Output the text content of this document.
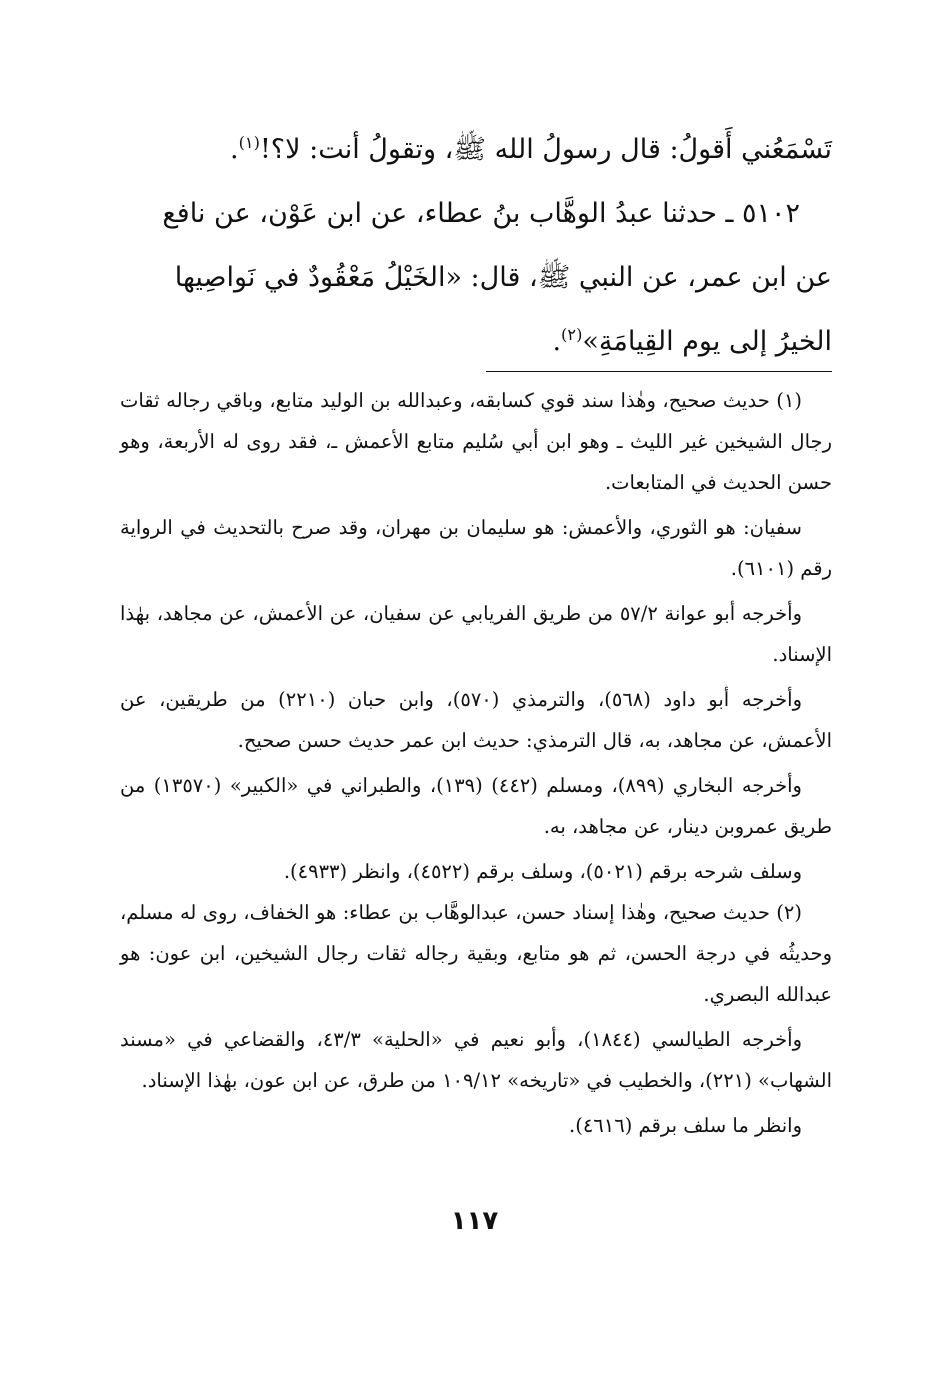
تَسْمَعُني أَقولُ: قال رسولُ الله ﷺ، وتقولُ أنت: لا؟!$^{(١)}$.

٥١٠٢ ـ حدثنا عبدُ الوهَّاب بنُ عطاء، عن ابن عَوْن، عن نافع عن ابن عمر، عن النبي ﷺ، قال: «الخَيْلُ مَعْقُودٌ في نَواصِيها الخيرُ إلى يوم القِيامَةِ»$^{(٢)}$.

(١) حديث صحيح، وهٰذا سند قوي كسابقه، وعبدالله بن الوليد متابع، وباقي رجاله ثقات رجال الشيخين غير الليث ـ وهو ابن أبي سُليم متابع الأعمش ـ، فقد روى له الأربعة، وهو حسن الحديث في المتابعات.

سفيان: هو الثوري، والأعمش: هو سليمان بن مهران، وقد صرح بالتحديث في الرواية رقم (٦١٠١).

وأخرجه أبو عوانة ٥٧/٢ من طريق الفريابي عن سفيان، عن الأعمش، عن مجاهد، بهٰذا الإسناد.

وأخرجه أبو داود (٥٦٨)، والترمذي (٥٧٠)، وابن حبان (٢٢١٠) من طريقين، عن الأعمش، عن مجاهد، به، قال الترمذي: حديث ابن عمر حديث حسن صحيح.

وأخرجه البخاري (٨٩٩)، ومسلم (٤٤٢) (١٣٩)، والطبراني في «الكبير» (١٣٥٧٠) من طريق عمروبن دينار، عن مجاهد، به.

وسلف شرحه برقم (٥٠٢١)، وسلف برقم (٤٥٢٢)، وانظر (٤٩٣٣).

(٢) حديث صحيح، وهٰذا إسناد حسن، عبدالوهَّاب بن عطاء: هو الخفاف، روى له مسلم، وحديثُه في درجة الحسن، ثم هو متابع، وبقية رجاله ثقات رجال الشيخين، ابن عون: هو عبدالله البصري.

وأخرجه الطيالسي (١٨٤٤)، وأبو نعيم في «الحلية» ٤٣/٣، والقضاعي في «مسند الشهاب» (٢٢١)، والخطيب في «تاريخه» ١٠٩/١٢ من طرق، عن ابن عون، بهٰذا الإسناد.

وانظر ما سلف برقم (٤٦١٦).

١١٧
